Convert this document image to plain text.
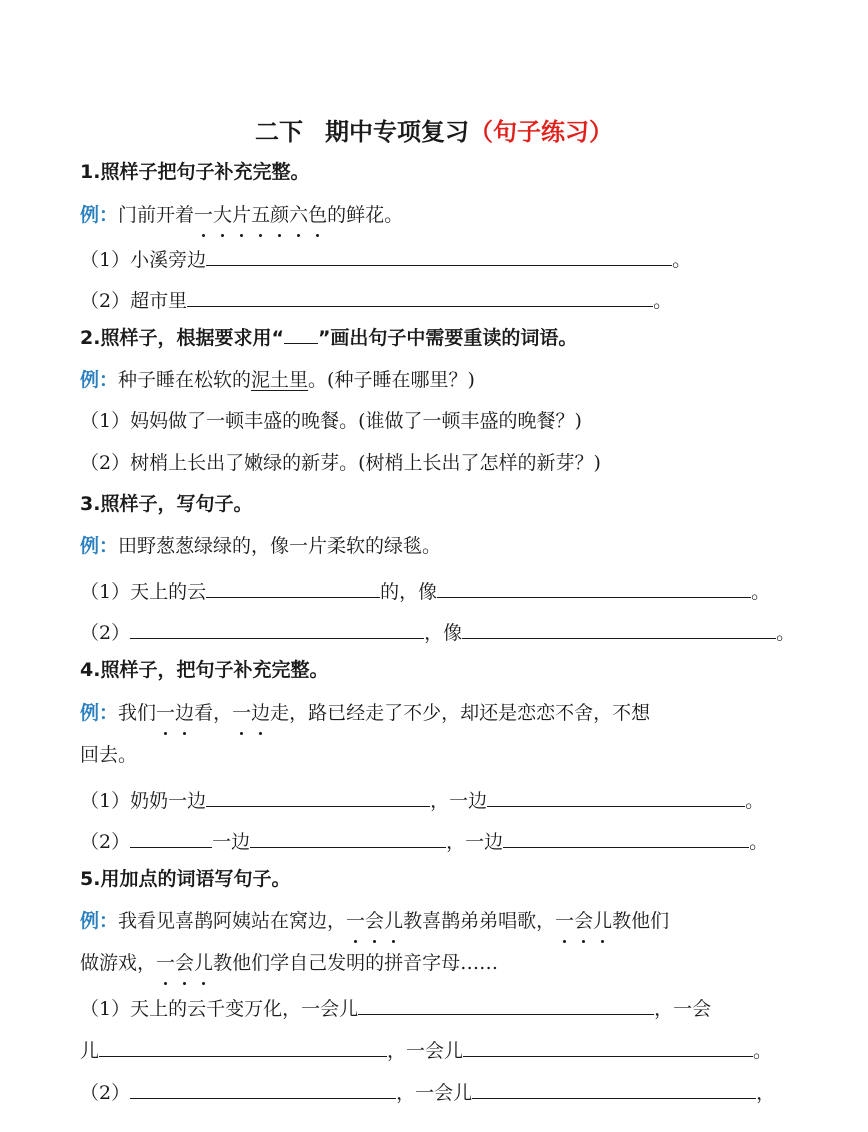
二下 期中专项复习（句子练习）
1.照样子把句子补充完整。
例：门前开着一大片五颜六色的鲜花。
（1）小溪旁边	。
（2）超市里	。
2.照样子，根据要求用“ ”画出句子中需要重读的词语。
例：种子睡在松软的泥土里。(种子睡在哪里？)
（1）妈妈做了一顿丰盛的晚餐。(谁做了一顿丰盛的晚餐？)
（2）树梢上长出了嫩绿的新芽。(树梢上长出了怎样的新芽？)
3.照样子，写句子。
例：田野葱葱绿绿的，像一片柔软的绿毯。
（1）天上的云	的，像	。
（2）	，像	。
4.照样子，把句子补充完整。
例：我们一边看，一边走，路已经走了不少，却还是恋恋不舍，不想
回去。
（1）奶奶一边	，一边	。
（2）	一边	，一边	。
5.用加点的词语写句子。
例：我看见喜鹊阿姨站在窝边，一会儿教喜鹊弟弟唱歌，一会儿教他们
做游戏，一会儿教他们学自己发明的拼音字母……
（1）天上的云千变万化，一会儿	，一会
儿	，一会儿	。
（2）	，一会儿	，
